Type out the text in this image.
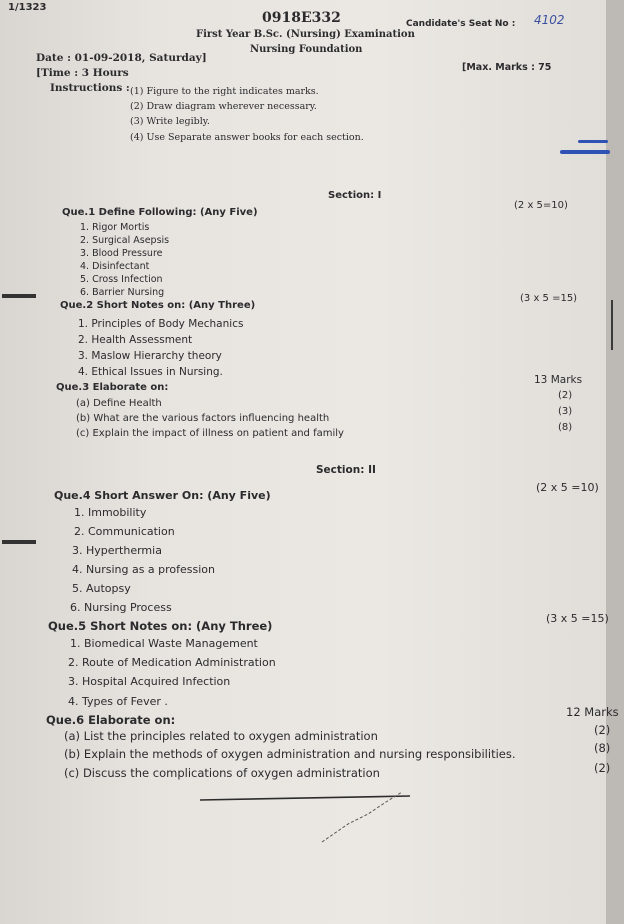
1/1323
0918E332
First Year B.Sc. (Nursing) Examination
Nursing Foundation
Candidate's Seat No : 4102
Date : 01-09-2018, Saturday]
[Time : 3 Hours	[Max. Marks : 75
Instructions : (1) Figure to the right indicates marks.
(2) Draw diagram wherever necessary.
(3) Write legibly.
(4) Use Separate answer books for each section.
Section: I
Que.1 Define Following: (Any Five)
(2 x 5=10)
1. Rigor Mortis
2. Surgical Asepsis
3. Blood Pressure
4. Disinfectant
5. Cross Infection
6. Barrier Nursing
Que.2 Short Notes on: (Any Three)
(3 x 5 =15)
1. Principles of Body Mechanics
2. Health Assessment
3. Maslow Hierarchy theory
4. Ethical Issues in Nursing.
Que.3 Elaborate on:
13 Marks
(a) Define Health
(2)
(b) What are the various factors influencing health
(3)
(c) Explain the impact of illness on patient and family
(8)
Section: II
Que.4 Short Answer On: (Any Five)
(2 x 5 =10)
1. Immobility
2. Communication
3. Hyperthermia
4. Nursing as a profession
5. Autopsy
6. Nursing Process
Que.5 Short Notes on: (Any Three)
(3 x 5 =15)
1. Biomedical Waste Management
2. Route of Medication Administration
3. Hospital Acquired Infection
4. Types of Fever .
Que.6 Elaborate on:
12 Marks
(a) List the principles related to oxygen administration	(2)
(b) Explain the methods of oxygen administration and nursing responsibilities.	(8)
(c) Discuss the complications of oxygen administration	(2)
